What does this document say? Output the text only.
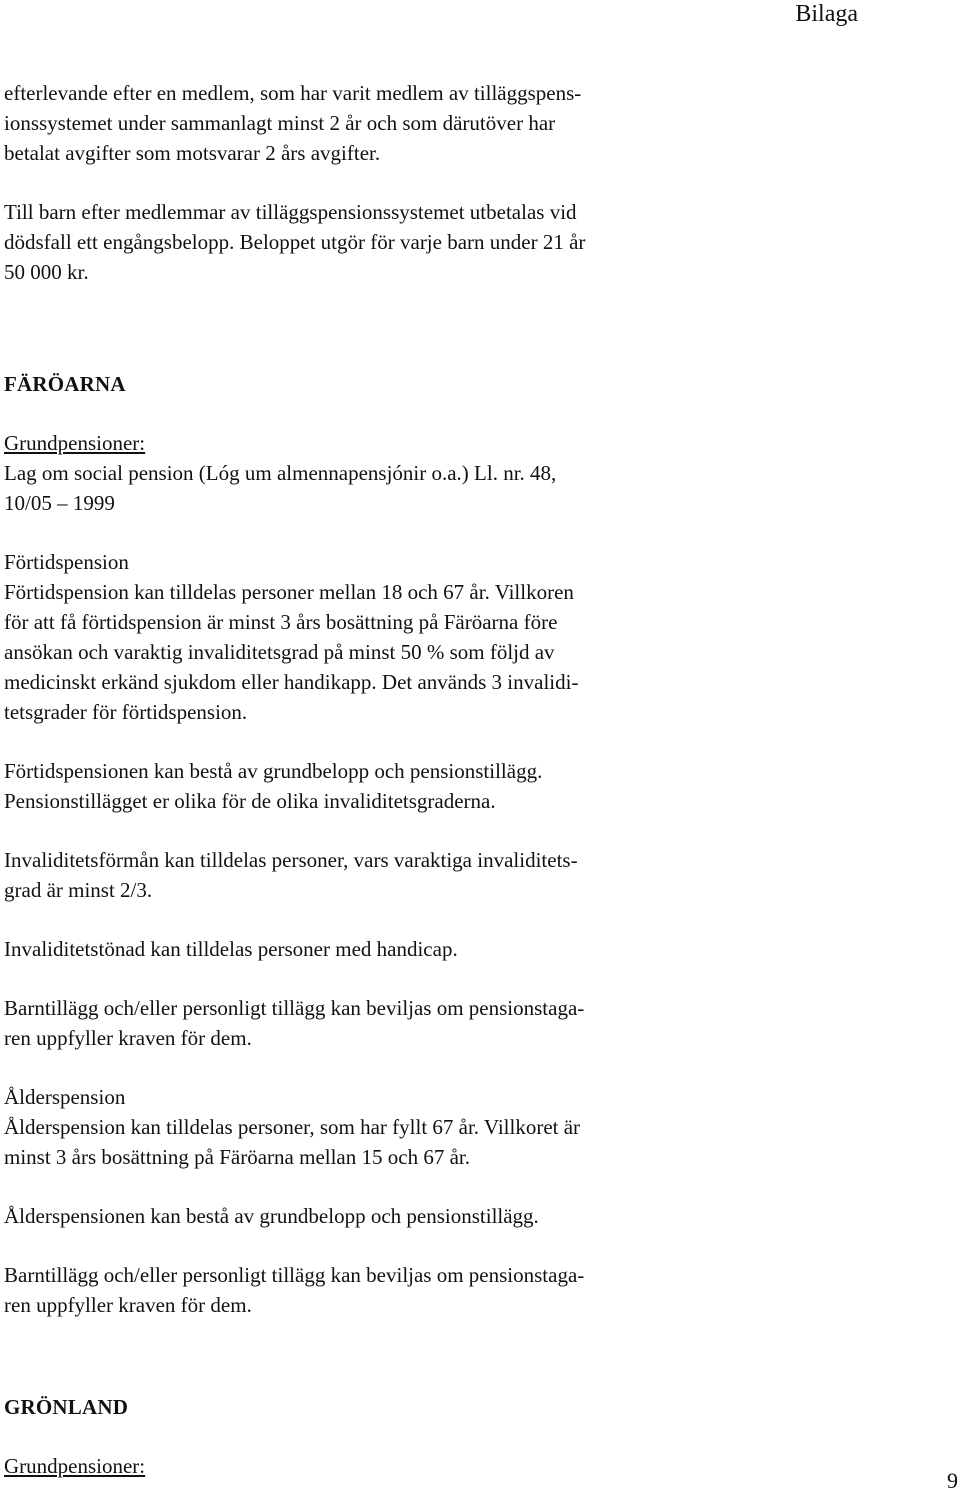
Bilaga

efterlevande efter en medlem, som har varit medlem av tilläggspens-
ionssystemet under sammanlagt minst 2 år och som därutöver har
betalat avgifter som motsvarar 2 års avgifter.

Till barn efter medlemmar av tilläggspensionssystemet utbetalas vid
dödsfall ett engångsbelopp. Beloppet utgör för varje barn under 21 år
50 000 kr.

FÄRÖARNA

Grundpensioner:

Lag om social pension (Lóg um almennapensjónir o.a.) Ll. nr. 48,
10/05 – 1999

Förtidspension

Förtidspension kan tilldelas personer mellan 18 och 67 år. Villkoren
för att få förtidspension är minst 3 års bosättning på Färöarna före
ansökan och varaktig invaliditetsgrad på minst 50 % som följd av
medicinskt erkänd sjukdom eller handikapp. Det används 3 invalidi-
tetsgrader för förtidspension.

Förtidspensionen kan bestå av grundbelopp och pensionstillägg.
Pensionstillägget er olika för de olika invaliditetsgraderna.

Invaliditetsförmån kan tilldelas personer, vars varaktiga invaliditets-
grad är minst 2/3.

Invaliditetstönad kan tilldelas personer med handicap.

Barntillägg och/eller personligt tillägg kan beviljas om pensionstaga-
ren uppfyller kraven för dem.

Ålderspension

Ålderspension kan tilldelas personer, som har fyllt 67 år. Villkoret är
minst 3 års bosättning på Färöarna mellan 15 och 67 år.

Ålderspensionen kan bestå av grundbelopp och pensionstillägg.

Barntillägg och/eller personligt tillägg kan beviljas om pensionstaga-
ren uppfyller kraven för dem.

GRÖNLAND

Grundpensioner:

9
